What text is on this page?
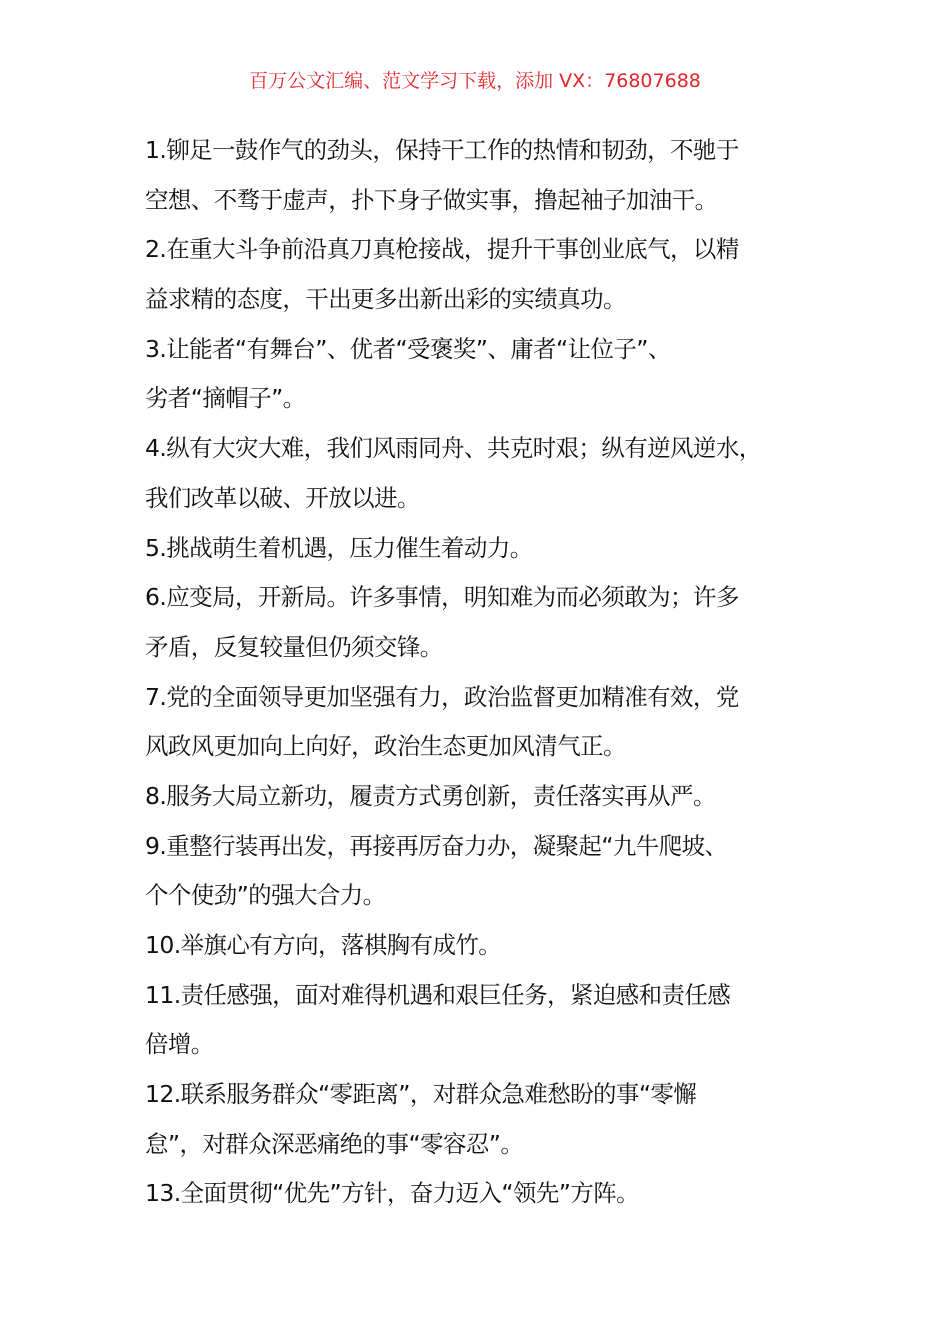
百万公文汇编、范文学习下载，添加 VX：76807688
1.铆足一鼓作气的劲头，保持干工作的热情和韧劲，不驰于
空想、不骛于虚声，扑下身子做实事，撸起袖子加油干。
2.在重大斗争前沿真刀真枪接战，提升干事创业底气，以精
益求精的态度，干出更多出新出彩的实绩真功。
3.让能者“有舞台”、优者“受褒奖”、庸者“让位子”、
劣者“摘帽子”。
4.纵有大灾大难，我们风雨同舟、共克时艰；纵有逆风逆水，
我们改革以破、开放以进。
5.挑战萌生着机遇，压力催生着动力。
6.应变局，开新局。许多事情，明知难为而必须敢为；许多
矛盾，反复较量但仍须交锋。
7.党的全面领导更加坚强有力，政治监督更加精准有效，党
风政风更加向上向好，政治生态更加风清气正。
8.服务大局立新功，履责方式勇创新，责任落实再从严。
9.重整行装再出发，再接再厉奋力办，凝聚起“九牛爬坡、
个个使劲”的强大合力。
10.举旗心有方向，落棋胸有成竹。
11.责任感强，面对难得机遇和艰巨任务，紧迫感和责任感
倍增。
12.联系服务群众“零距离”，对群众急难愁盼的事“零懈
怠”，对群众深恶痛绝的事“零容忍”。
13.全面贯彻“优先”方针，奋力迈入“领先”方阵。
